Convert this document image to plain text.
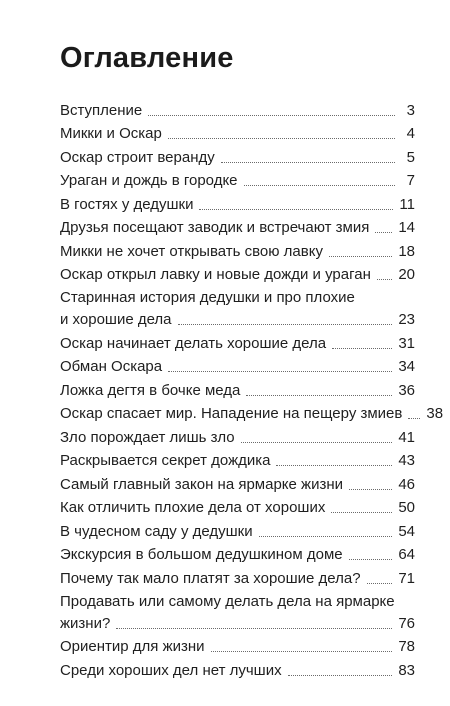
Оглавление
Вступление	3
Микки и Оскар	4
Оскар строит веранду	5
Ураган и дождь в городке	7
В гостях у дедушки	11
Друзья посещают заводик и встречают змия 14
Микки не хочет открывать свою лавку	18
Оскар открыл лавку и новые дожди и ураган 20
Старинная история дедушки и про плохие
и хорошие дела	23
Оскар начинает делать хорошие дела	31
Обман Оскара	34
Ложка дегтя в бочке меда	36
Оскар спасает мир. Нападение на пещеру змиев 38
Зло порождает лишь зло	41
Раскрывается секрет дождика	43
Самый главный закон на ярмарке жизни	46
Как отличить плохие дела от хороших	50
В чудесном саду у дедушки	54
Экскурсия в большом дедушкином доме	64
Почему так мало платят за хорошие дела?	71
Продавать или самому делать дела на ярмарке
жизни?	76
Ориентир для жизни	78
Среди хороших дел нет лучших	83
